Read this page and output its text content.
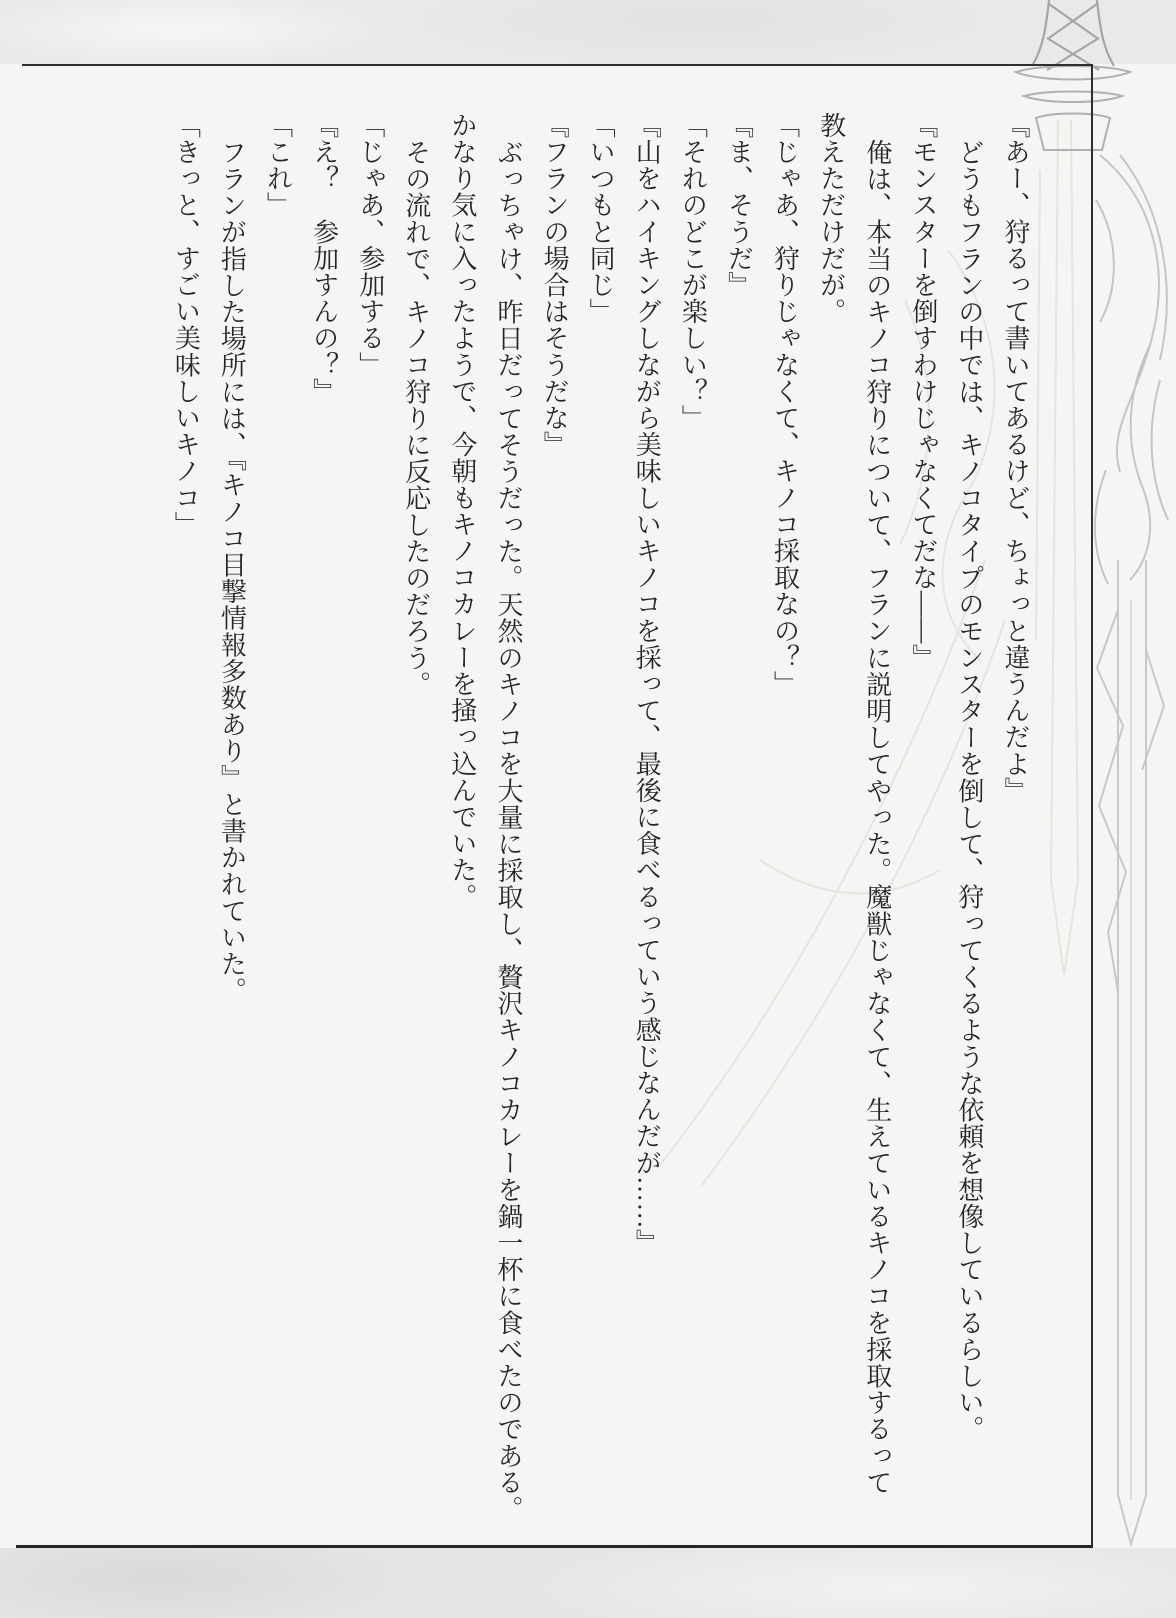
『あー、狩るって書いてあるけど、ちょっと違うんだよ』

どうもフランの中では、キノコタイプのモンスターを倒して、狩ってくるような依頼を想像しているらしい。

『モンスターを倒すわけじゃなくてだな――』

俺は、本当のキノコ狩りについて、フランに説明してやった。魔獣じゃなくて、生えているキノコを採取するって

教えただけだが。

「じゃあ、狩りじゃなくて、キノコ採取なの？」

『ま、そうだ』

「それのどこが楽しい？」

『山をハイキングしながら美味しいキノコを採って、最後に食べるっていう感じなんだが……』

「いつもと同じ」

『フランの場合はそうだな』

ぶっちゃけ、昨日だってそうだった。天然のキノコを大量に採取し、贅沢キノコカレーを鍋一杯に食べたのである。

かなり気に入ったようで、今朝もキノコカレーを掻っ込んでいた。

その流れで、キノコ狩りに反応したのだろう。

「じゃあ、参加する」

『え？　参加すんの？』

「これ」

フランが指した場所には、『キノコ目撃情報多数あり』と書かれていた。

「きっと、すごい美味しいキノコ」
